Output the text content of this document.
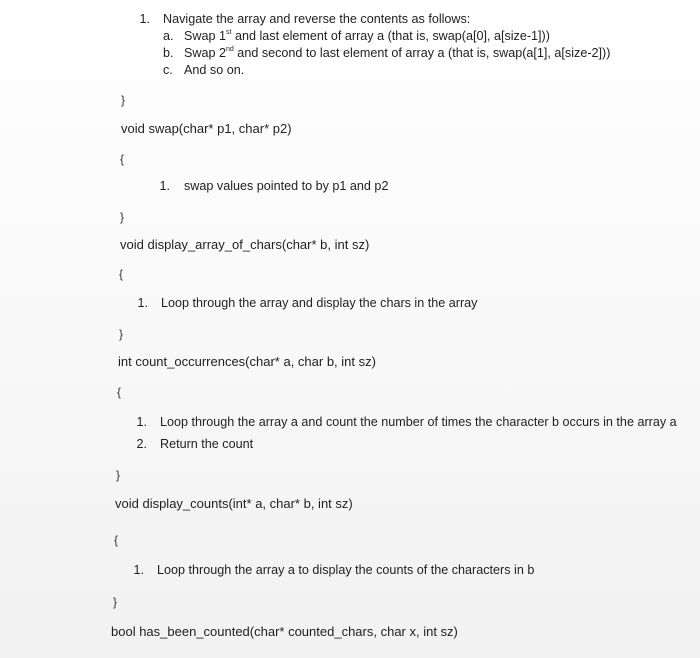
1. Navigate the array and reverse the contents as follows:
a. Swap 1st and last element of array a (that is, swap(a[0], a[size-1]))
b. Swap 2nd and second to last element of array a (that is, swap(a[1], a[size-2]))
c. And so on.
}
void swap(char* p1, char* p2)
{
1. swap values pointed to by p1 and p2
}
void display_array_of_chars(char* b, int sz)
{
1. Loop through the array and display the chars in the array
}
int count_occurrences(char* a, char b, int sz)
{
1. Loop through the array a and count the number of times the character b occurs in the array a
2. Return the count
}
void display_counts(int* a, char* b, int sz)
{
1. Loop through the array a to display the counts of the characters in b
}
bool has_been_counted(char* counted_chars, char x, int sz)
